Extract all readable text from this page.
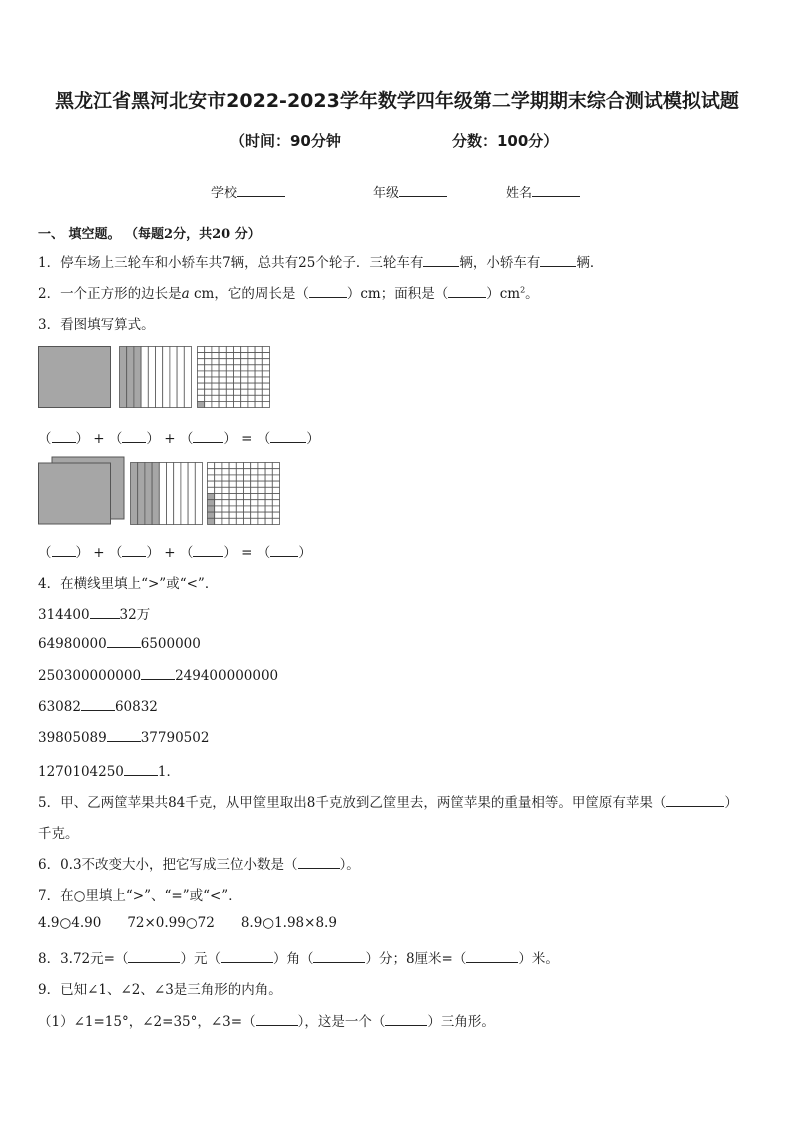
黑龙江省黑河北安市2022-2023学年数学四年级第二学期期末综合测试模拟试题
（时间：90分钟	分数：100分）
学校	年级	姓名
一、 填空题。 （每题2分，共20 分）
1．停车场上三轮车和小轿车共7辆，总共有25个轮子．三轮车有	辆，小轿车有	辆．
2．一个正方形的边长是a cm，它的周长是（	）cm；面积是（	）$cm^2$。
3．看图填写算式。
（ ） + （ ） + （ ） = （	）
（ ） + （ ） + （ ） = （ ）
4．在横线里填上“>”或“<”．
314400 32万
64980000	6500000
250300000000	249400000000
63082	60832
39805089	37790502
1270104250	1．
5．甲、乙两筐苹果共84千克，从甲筐里取出8千克放到乙筐里去，两筐苹果的重量相等。甲筐原有苹果（	）
千克。
6．0.3不改变大小，把它写成三位小数是（	）。
7．在○里填上“>”、“=”或“<”．
4.9○4.90 72×0.99○72 8.9○1.98×8.9
8．3.72元=（	）元（	）角（	）分；8厘米=（	）米。
9．已知∠1、∠2、∠3是三角形的内角。
（1）∠1=15°，∠2=35°，∠3=（	），这是一个（	）三角形。
